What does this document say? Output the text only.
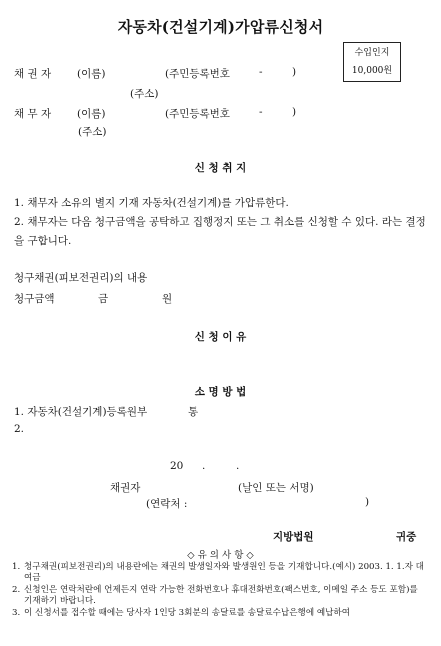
자동차(건설기계)가압류신청서
수입인지
10,000원
채 권 자 (이름)	(주민등록번호	-	)
(주소)
채 무 자 (이름)	(주민등록번호	-	)
(주소)
신 청 취 지
1. 채무자 소유의 별지 기재 자동차(건설기계)를 가압류한다.
2. 채무자는 다음 청구금액을 공탁하고 집행정지 또는 그 취소를 신청할 수 있다. 라는 결정을 구합니다.
청구채권(피보전권리)의 내용
청구금액	금	원
신 청 이 유
소 명 방 법
1. 자동차(건설기계)등록원부	통
2.
20 .	.
채권자	(날인 또는 서명)
(연락처 :	)
지방법원	귀중
◇ 유 의 사 항 ◇
1. 청구채권(피보전권리)의 내용란에는 채권의 발생일자와 발생원인 등을 기재합니다.(예시) 2003. 1. 1.자 대여금
2. 신청인은 연락처란에 언제든지 연락 가능한 전화번호나 휴대전화번호(팩스번호, 이메일 주소 등도 포함)를 기재하기 바랍니다.
3. 이 신청서를 접수할 때에는 당사자 1인당 3회분의 송달료를 송달료수납은행에 예납하여
